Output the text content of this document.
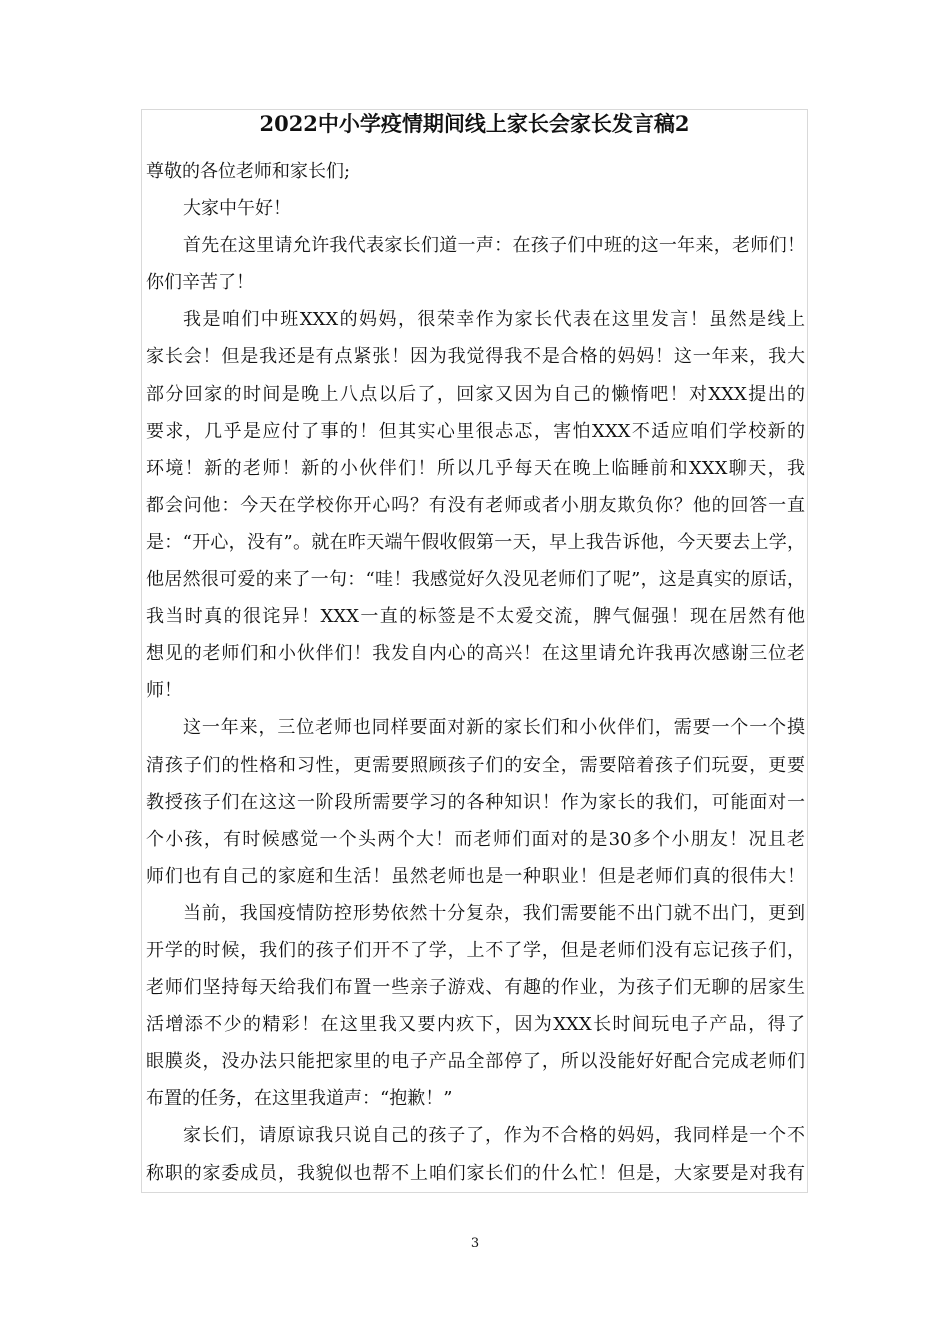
2022中小学疫情期间线上家长会家长发言稿2
尊敬的各位老师和家长们;
大家中午好！
首先在这里请允许我代表家长们道一声：在孩子们中班的这一年来，老师们！
你们辛苦了！
我是咱们中班XXX的妈妈，很荣幸作为家长代表在这里发言！虽然是线上
家长会！但是我还是有点紧张！因为我觉得我不是合格的妈妈！这一年来，我大
部分回家的时间是晚上八点以后了，回家又因为自己的懒惰吧！对XXX提出的
要求，几乎是应付了事的！但其实心里很忐忑，害怕XXX不适应咱们学校新的
环境！新的老师！新的小伙伴们！所以几乎每天在晚上临睡前和XXX聊天，我
都会问他：今天在学校你开心吗？有没有老师或者小朋友欺负你？他的回答一直
是：“开心，没有”。就在昨天端午假收假第一天，早上我告诉他，今天要去上学，
他居然很可爱的来了一句：“哇！我感觉好久没见老师们了呢”，这是真实的原话，
我当时真的很诧异！XXX一直的标签是不太爱交流，脾气倔强！现在居然有他
想见的老师们和小伙伴们！我发自内心的高兴！在这里请允许我再次感谢三位老
师！
这一年来，三位老师也同样要面对新的家长们和小伙伴们，需要一个一个摸
清孩子们的性格和习性，更需要照顾孩子们的安全，需要陪着孩子们玩耍，更要
教授孩子们在这这一阶段所需要学习的各种知识！作为家长的我们，可能面对一
个小孩，有时候感觉一个头两个大！而老师们面对的是30多个小朋友！况且老
师们也有自己的家庭和生活！虽然老师也是一种职业！但是老师们真的很伟大！
当前，我国疫情防控形势依然十分复杂，我们需要能不出门就不出门，更到
开学的时候，我们的孩子们开不了学，上不了学，但是老师们没有忘记孩子们，
老师们坚持每天给我们布置一些亲子游戏、有趣的作业，为孩子们无聊的居家生
活增添不少的精彩！在这里我又要内疚下，因为XXX长时间玩电子产品，得了
眼膜炎，没办法只能把家里的电子产品全部停了，所以没能好好配合完成老师们
布置的任务，在这里我道声：“抱歉！”
家长们，请原谅我只说自己的孩子了，作为不合格的妈妈，我同样是一个不
称职的家委成员，我貌似也帮不上咱们家长们的什么忙！但是，大家要是对我有
3
